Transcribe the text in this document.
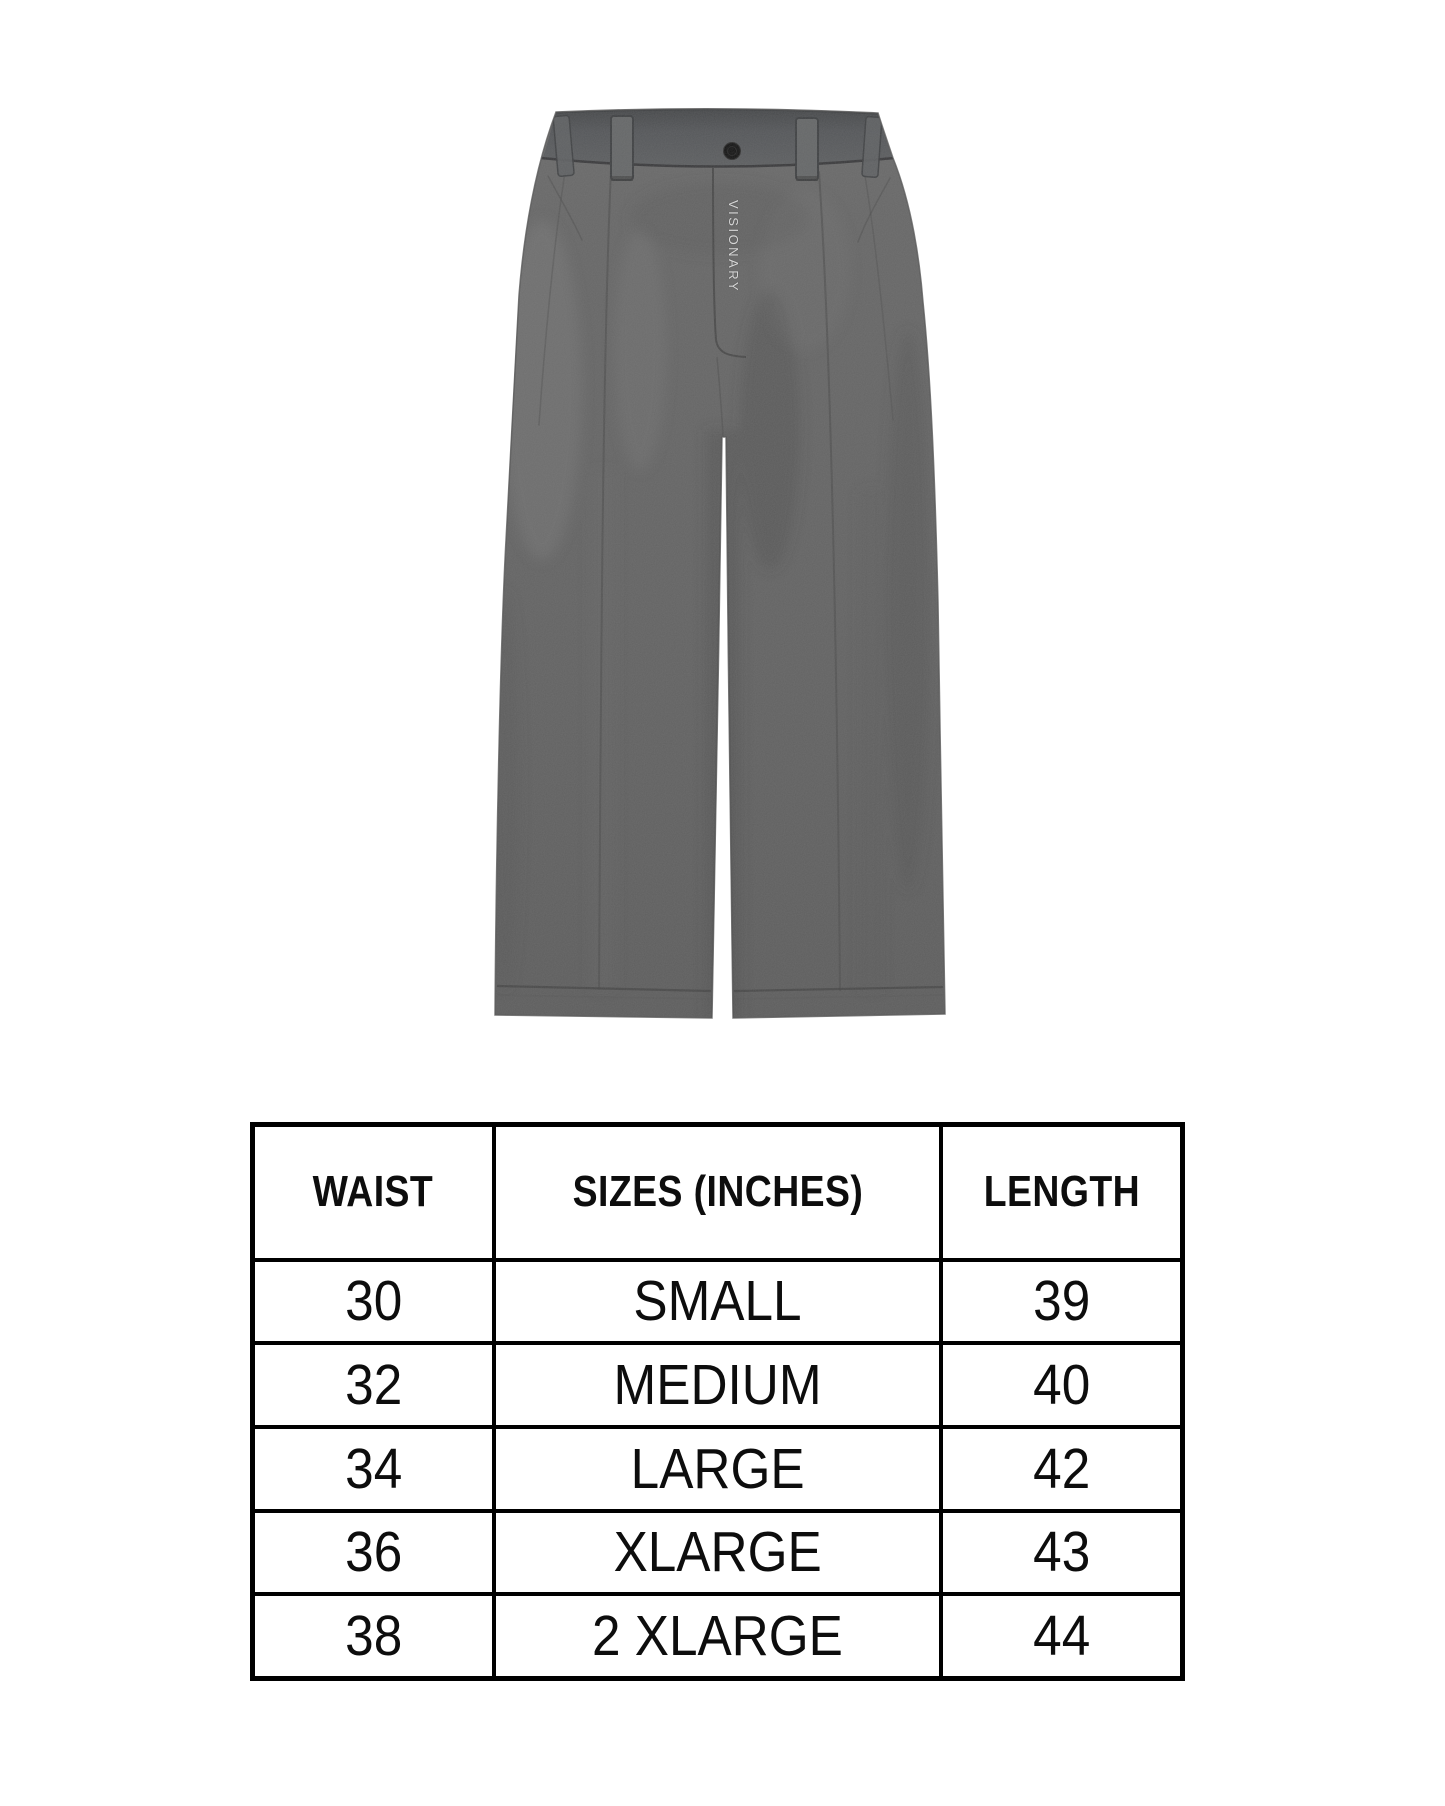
VISIONARY
WAIST	SIZES (INCHES)	LENGTH
30	SMALL	39
32	MEDIUM	40
34	LARGE	42
36	XLARGE	43
38	2 XLARGE	44
